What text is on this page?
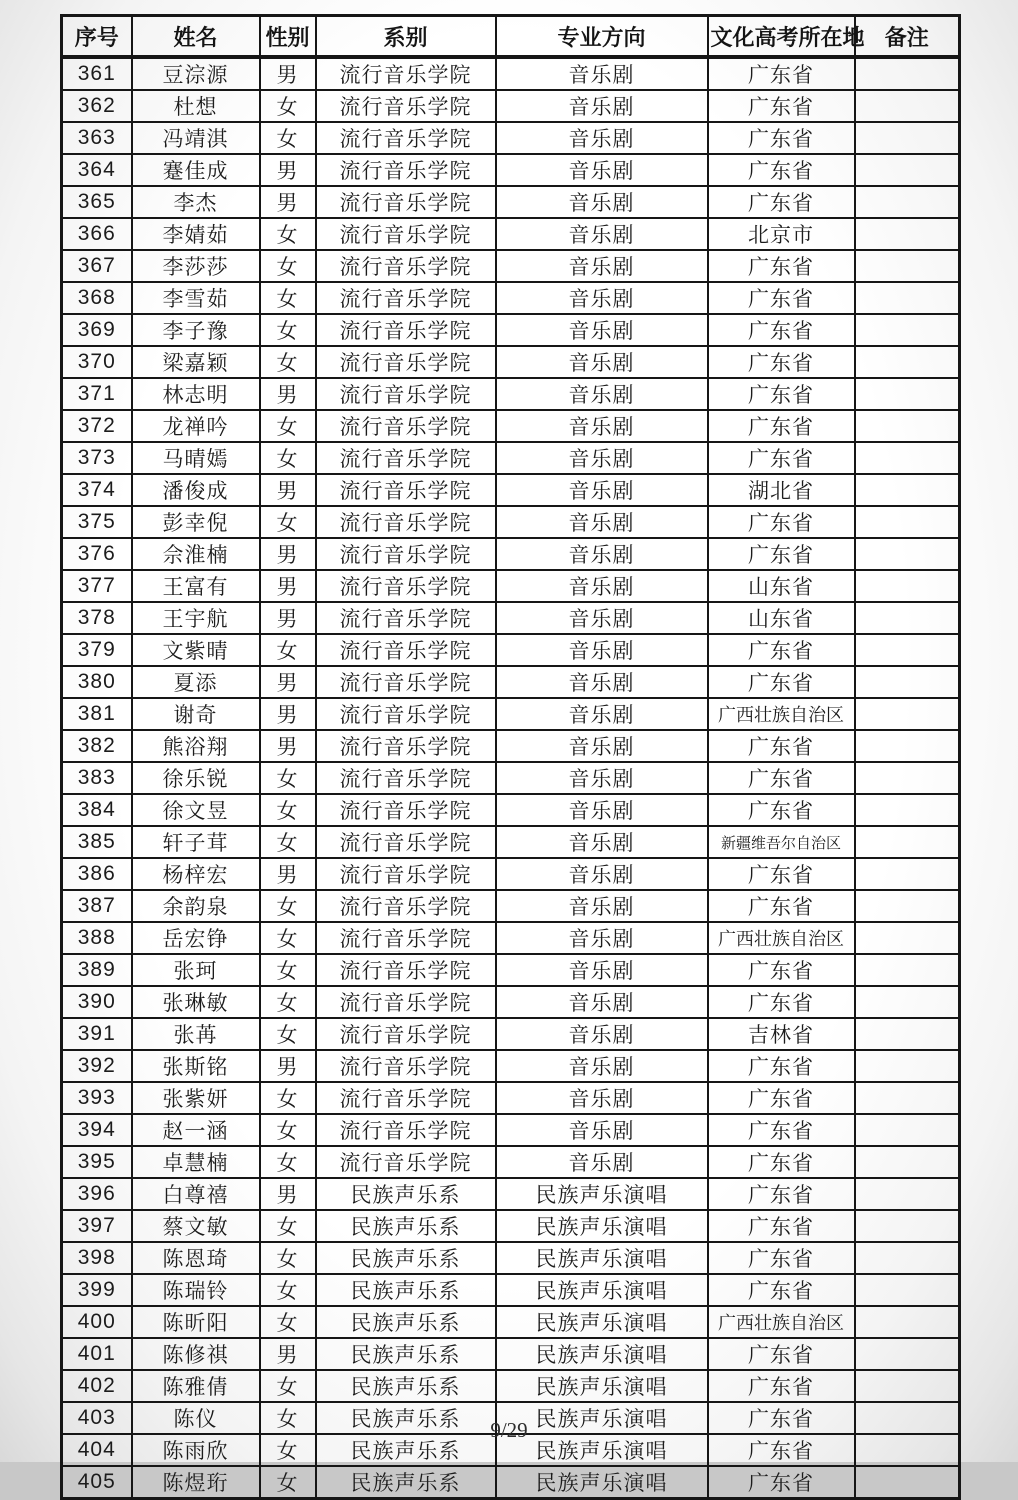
序号	姓名	性别	系别	专业方向	文化高考所在地	备注
361	豆淙源	男	流行音乐学院	音乐剧	广东省	
362	杜想	女	流行音乐学院	音乐剧	广东省	
363	冯靖淇	女	流行音乐学院	音乐剧	广东省	
364	蹇佳成	男	流行音乐学院	音乐剧	广东省	
365	李杰	男	流行音乐学院	音乐剧	广东省	
366	李婧茹	女	流行音乐学院	音乐剧	北京市	
367	李莎莎	女	流行音乐学院	音乐剧	广东省	
368	李雪茹	女	流行音乐学院	音乐剧	广东省	
369	李子豫	女	流行音乐学院	音乐剧	广东省	
370	梁嘉颖	女	流行音乐学院	音乐剧	广东省	
371	林志明	男	流行音乐学院	音乐剧	广东省	
372	龙禅吟	女	流行音乐学院	音乐剧	广东省	
373	马晴嫣	女	流行音乐学院	音乐剧	广东省	
374	潘俊成	男	流行音乐学院	音乐剧	湖北省	
375	彭幸倪	女	流行音乐学院	音乐剧	广东省	
376	佘淮楠	男	流行音乐学院	音乐剧	广东省	
377	王富有	男	流行音乐学院	音乐剧	山东省	
378	王宇航	男	流行音乐学院	音乐剧	山东省	
379	文紫晴	女	流行音乐学院	音乐剧	广东省	
380	夏添	男	流行音乐学院	音乐剧	广东省	
381	谢奇	男	流行音乐学院	音乐剧	广西壮族自治区	
382	熊浴翔	男	流行音乐学院	音乐剧	广东省	
383	徐乐锐	女	流行音乐学院	音乐剧	广东省	
384	徐文昱	女	流行音乐学院	音乐剧	广东省	
385	轩子茸	女	流行音乐学院	音乐剧	新疆维吾尔自治区	
386	杨梓宏	男	流行音乐学院	音乐剧	广东省	
387	余韵泉	女	流行音乐学院	音乐剧	广东省	
388	岳宏铮	女	流行音乐学院	音乐剧	广西壮族自治区	
389	张珂	女	流行音乐学院	音乐剧	广东省	
390	张琳敏	女	流行音乐学院	音乐剧	广东省	
391	张苒	女	流行音乐学院	音乐剧	吉林省	
392	张斯铭	男	流行音乐学院	音乐剧	广东省	
393	张紫妍	女	流行音乐学院	音乐剧	广东省	
394	赵一涵	女	流行音乐学院	音乐剧	广东省	
395	卓慧楠	女	流行音乐学院	音乐剧	广东省	
396	白尊禧	男	民族声乐系	民族声乐演唱	广东省	
397	蔡文敏	女	民族声乐系	民族声乐演唱	广东省	
398	陈恩琦	女	民族声乐系	民族声乐演唱	广东省	
399	陈瑞铃	女	民族声乐系	民族声乐演唱	广东省	
400	陈昕阳	女	民族声乐系	民族声乐演唱	广西壮族自治区	
401	陈修祺	男	民族声乐系	民族声乐演唱	广东省	
402	陈雅倩	女	民族声乐系	民族声乐演唱	广东省	
403	陈仪	女	民族声乐系	民族声乐演唱	广东省	
404	陈雨欣	女	民族声乐系	民族声乐演唱	广东省	
405	陈煜珩	女	民族声乐系	民族声乐演唱	广东省	
9/29
